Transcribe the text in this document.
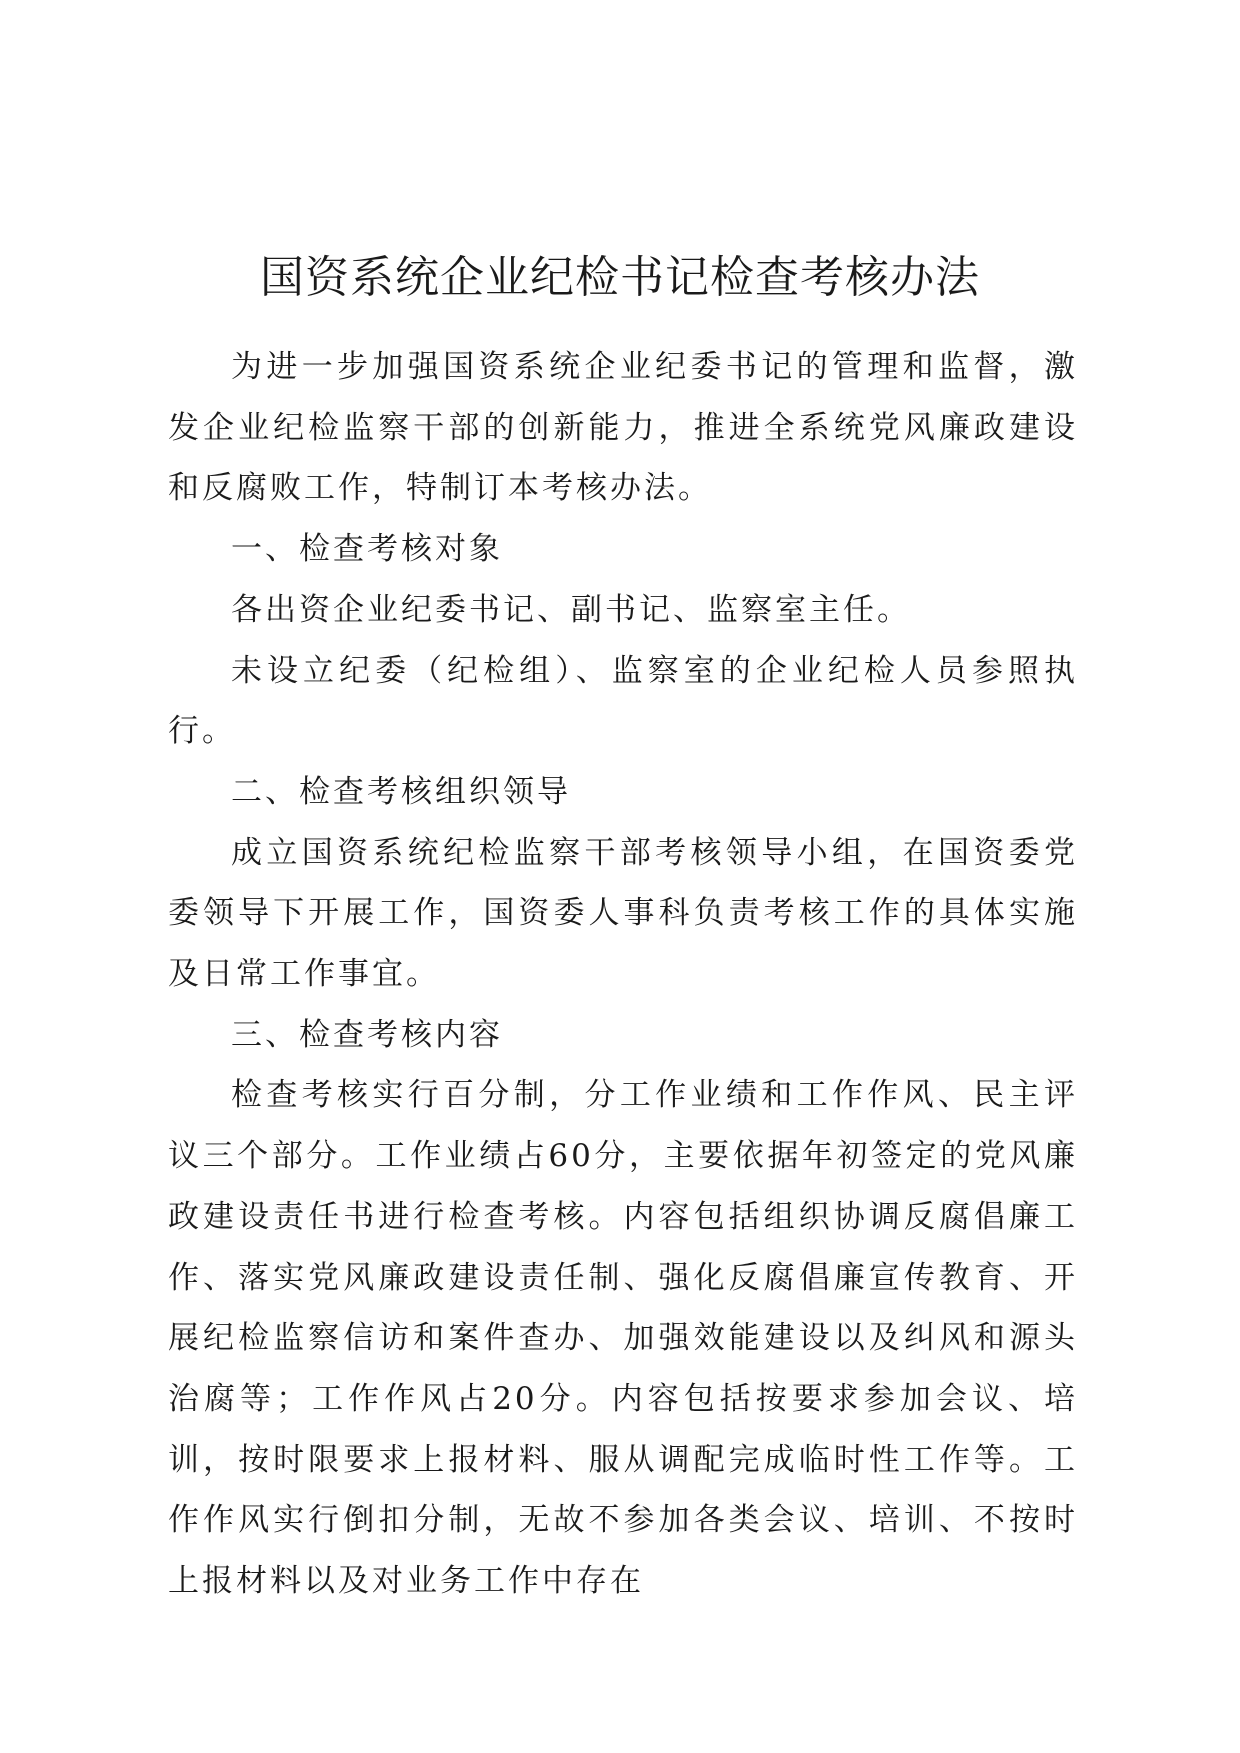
国资系统企业纪检书记检查考核办法

为进一步加强国资系统企业纪委书记的管理和监督，激发企业纪检监察干部的创新能力，推进全系统党风廉政建设和反腐败工作，特制订本考核办法。

一、检查考核对象

各出资企业纪委书记、副书记、监察室主任。

未设立纪委（纪检组）、监察室的企业纪检人员参照执行。

二、检查考核组织领导

成立国资系统纪检监察干部考核领导小组，在国资委党委领导下开展工作，国资委人事科负责考核工作的具体实施及日常工作事宜。

三、检查考核内容

检查考核实行百分制，分工作业绩和工作作风、民主评议三个部分。工作业绩占60分，主要依据年初签定的党风廉政建设责任书进行检查考核。内容包括组织协调反腐倡廉工作、落实党风廉政建设责任制、强化反腐倡廉宣传教育、开展纪检监察信访和案件查办、加强效能建设以及纠风和源头治腐等；工作作风占20分。内容包括按要求参加会议、培训，按时限要求上报材料、服从调配完成临时性工作等。工作作风实行倒扣分制，无故不参加各类会议、培训、不按时上报材料以及对业务工作中存在
